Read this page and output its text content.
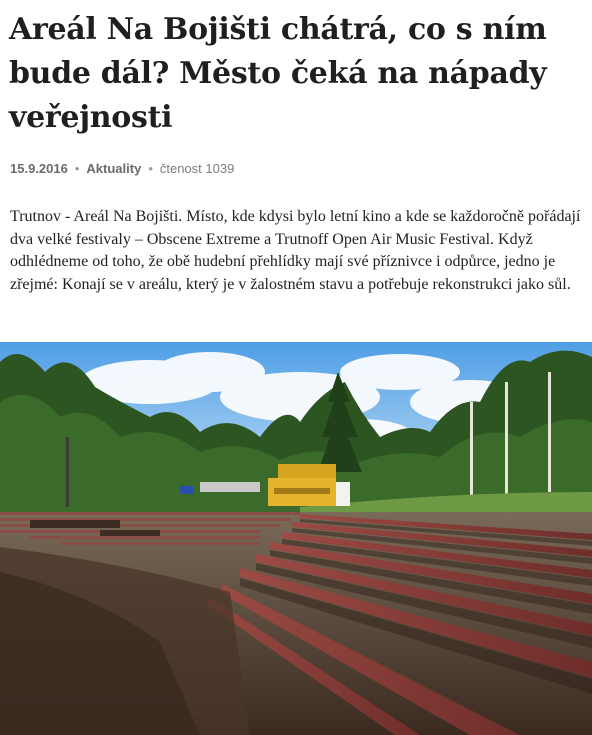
Areál Na Bojišti chátrá, co s ním bude dál? Město čeká na nápady veřejnosti
15.9.2016 • Aktuality • čtenost 1039

Trutnov - Areál Na Bojišti. Místo, kde kdysi bylo letní kino a kde se každoročně pořádají dva velké festivaly – Obscene Extreme a Trutnoff Open Air Music Festival. Když odhlédneme od toho, že obě hudební přehlídky mají své příznivce i odpůrce, jedno je zřejmé: Konají se v areálu, který je v žalostném stavu a potřebuje rekonstrukci jako sůl.
